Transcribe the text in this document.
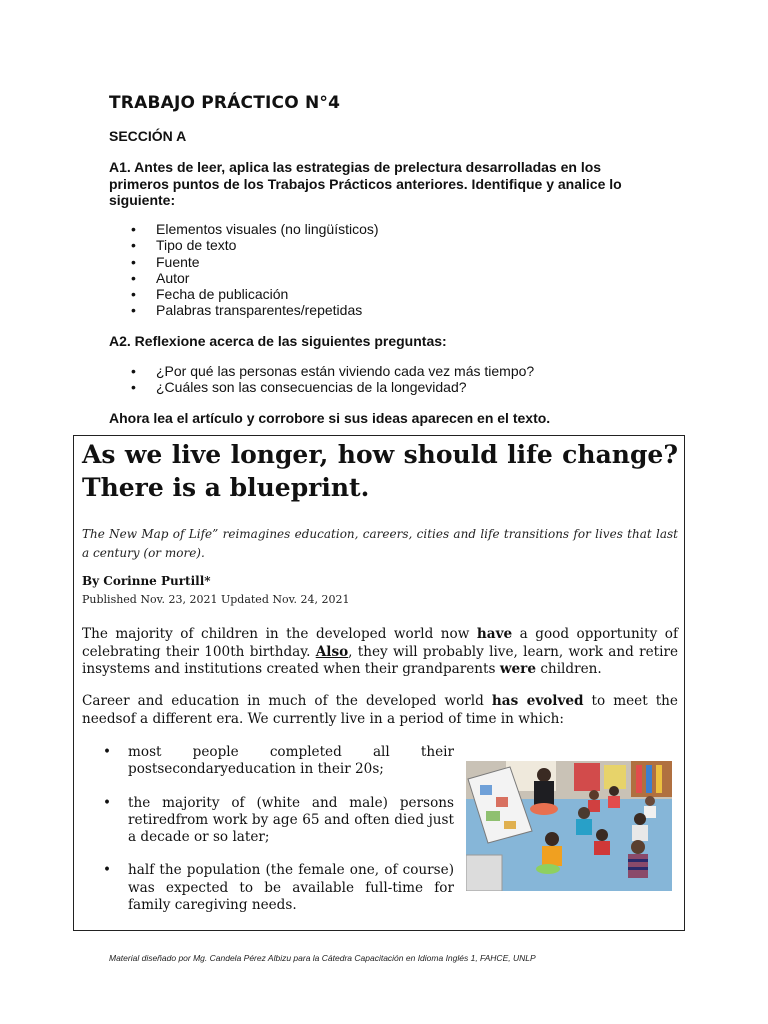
TRABAJO PRÁCTICO N°4

SECCIÓN A

A1. Antes de leer, aplica las estrategias de prelectura desarrolladas en los primeros puntos de los Trabajos Prácticos anteriores. Identifique y analice lo siguiente:

• Elementos visuales (no lingüísticos)
• Tipo de texto
• Fuente
• Autor
• Fecha de publicación
• Palabras transparentes/repetidas

A2. Reflexione acerca de las siguientes preguntas:

• ¿Por qué las personas están viviendo cada vez más tiempo?
• ¿Cuáles son las consecuencias de la longevidad?

Ahora lea el artículo y corrobore si sus ideas aparecen en el texto.

As we live longer, how should life change? There is a blueprint.

The New Map of Life” reimagines education, careers, cities and life transitions for lives that last a century (or more).

By Corinne Purtill*

Published Nov. 23, 2021 Updated Nov. 24, 2021

The majority of children in the developed world now have a good opportunity of celebrating their 100th birthday. Also, they will probably live, learn, work and retire insystems and institutions created when their grandparents were children.

Career and education in much of the developed world has evolved to meet the needsof a different era. We currently live in a period of time in which:

• most people completed all their postsecondaryeducation in their 20s;
• the majority of (white and male) persons retiredfrom work by age 65 and often died just a decade or so later;
• half the population (the female one, of course) was expected to be available full-time for family caregiving needs.

Material diseñado por Mg. Candela Pérez Albizu para la Cátedra Capacitación en Idioma Inglés 1, FAHCE, UNLP
